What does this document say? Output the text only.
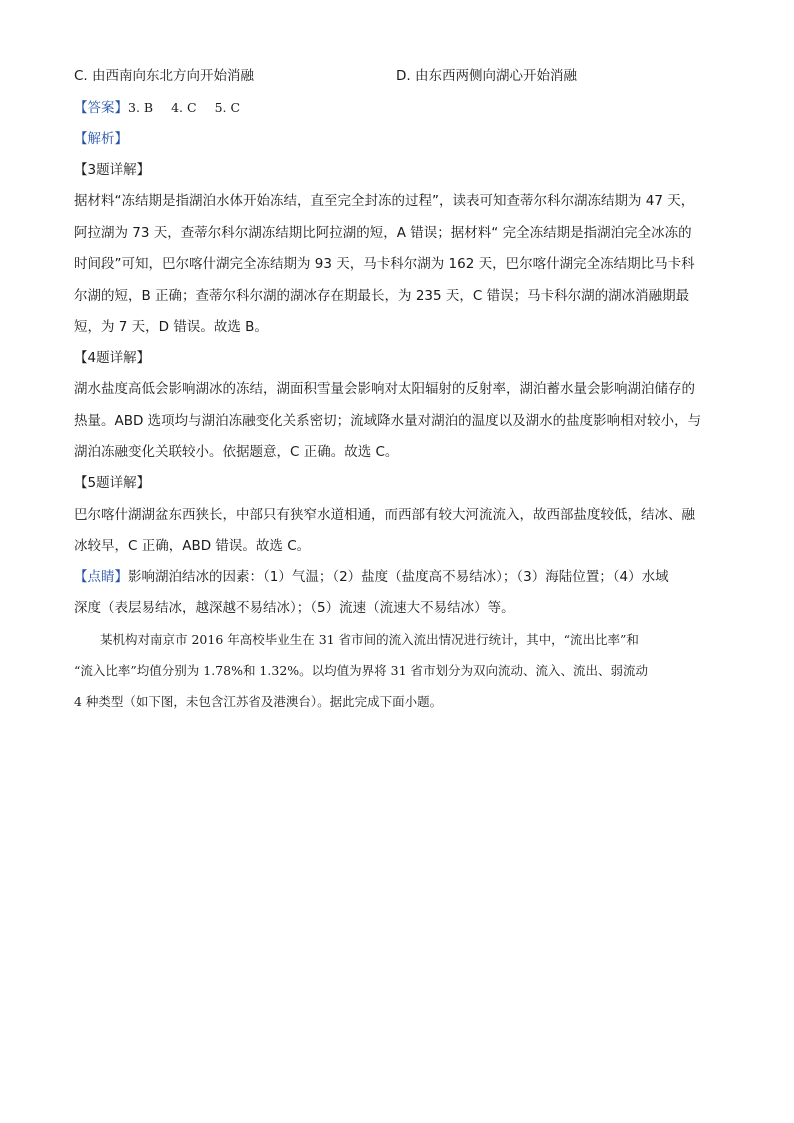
C. 由西南向东北方向开始消融	D. 由东西两侧向湖心开始消融
【答案】3. B 4. C 5. C
【解析】
【3题详解】
据材料“冻结期是指湖泊水体开始冻结，直至完全封冻的过程”，读表可知查蒂尔科尔湖冻结期为 47 天，
阿拉湖为 73 天，查蒂尔科尔湖冻结期比阿拉湖的短，A 错误；据材料“ 完全冻结期是指湖泊完全冰冻的
时间段”可知，巴尔喀什湖完全冻结期为 93 天，马卡科尔湖为 162 天，巴尔喀什湖完全冻结期比马卡科
尔湖的短，B 正确；查蒂尔科尔湖的湖冰存在期最长，为 235 天，C 错误；马卡科尔湖的湖冰消融期最
短，为 7 天，D 错误。故选 B。
【4题详解】
湖水盐度高低会影响湖冰的冻结，湖面积雪量会影响对太阳辐射的反射率，湖泊蓄水量会影响湖泊储存的
热量。ABD 选项均与湖泊冻融变化关系密切；流域降水量对湖泊的温度以及湖水的盐度影响相对较小，与
湖泊冻融变化关联较小。依据题意，C 正确。故选 C。
【5题详解】
巴尔喀什湖湖盆东西狭长，中部只有狭窄水道相通，而西部有较大河流流入，故西部盐度较低，结冰、融
冰较早，C 正确，ABD 错误。故选 C。
【点睛】影响湖泊结冰的因素：（1）气温；（2）盐度（盐度高不易结冰）；（3）海陆位置；（4）水域
深度（表层易结冰，越深越不易结冰）；（5）流速（流速大不易结冰）等。
某机构对南京市 2016 年高校毕业生在 31 省市间的流入流出情况进行统计，其中，“流出比率”和
“流入比率”均值分别为 1.78%和 1.32%。以均值为界将 31 省市划分为双向流动、流入、流出、弱流动
4 种类型（如下图，未包含江苏省及港澳台）。据此完成下面小题。
